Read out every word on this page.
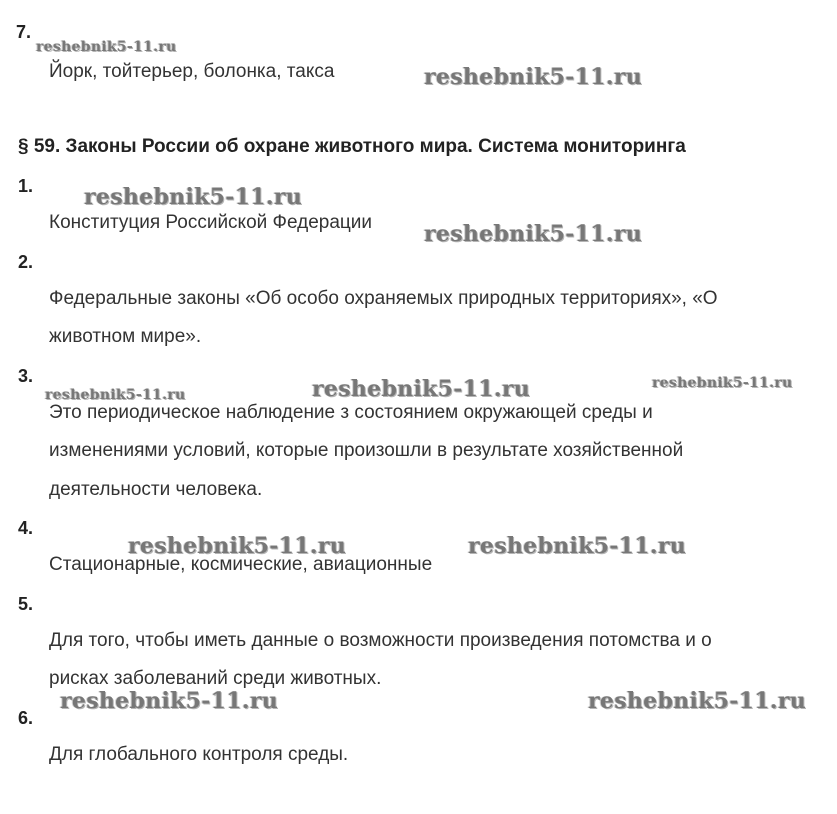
7.
Йорк, тойтерьер, болонка, такса
§ 59. Законы России об охране животного мира. Система мониторинга
1.
Конституция Российской Федерации
2.
Федеральные законы «Об особо охраняемых природных территориях», «О
животном мире».
3.
Это периодическое наблюдение з состоянием окружающей среды и
изменениями условий, которые произошли в результате хозяйственной
деятельности человека.
4.
Стационарные, космические, авиационные
5.
Для того, чтобы иметь данные о возможности произведения потомства и о
рисках заболеваний среди животных.
6.
Для глобального контроля среды.
reshebnik5-11.ru
reshebnik5-11.ru
reshebnik5-11.ru
reshebnik5-11.ru
reshebnik5-11.ru	reshebnik5-11.ru	reshebnik5-11.ru
reshebnik5-11.ru	reshebnik5-11.ru
reshebnik5-11.ru	reshebnik5-11.ru
